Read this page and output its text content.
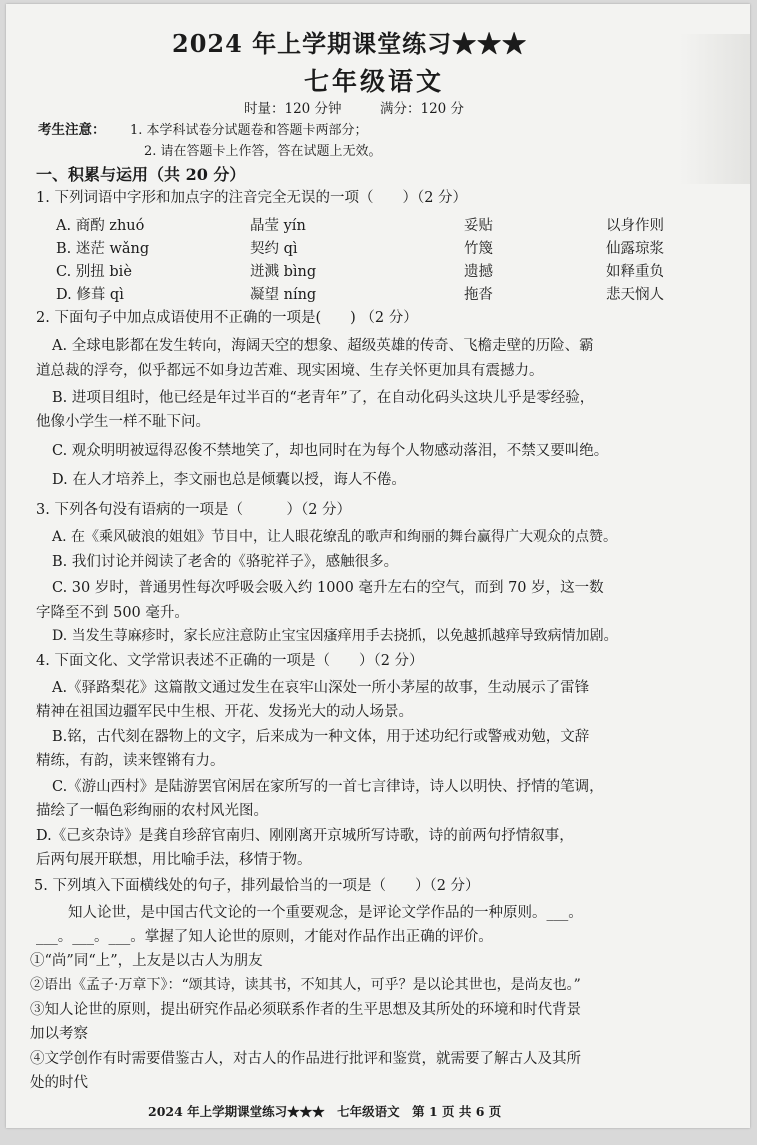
2024 年上学期课堂练习★★★
七年级语文
时量：120 分钟	满分：120 分
考生注意： 1. 本学科试卷分试题卷和答题卡两部分；
2. 请在答题卡上作答，答在试题上无效。
一、积累与运用（共 20 分）
1. 下列词语中字形和加点字的注音完全无误的一项（　　）（2 分）
A. 商酌 zhuó	晶莹 yín	妥贴	以身作则
B. 迷茫 wǎng	契约 qì	竹篾	仙露琼浆
C. 别扭 biè	迸溅 bìng	遗撼	如释重负
D. 修葺 qì	凝望 níng	拖沓	悲天悯人
2. 下面句子中加点成语使用不正确的一项是(　　) （2 分）
A. 全球电影都在发生转向，海阔天空的想象、超级英雄的传奇、飞檐走壁的历险、霸
道总裁的浮夸，似乎都远不如身边苦难、现实困境、生存关怀更加具有震撼力。
B. 进项目组时，他已经是年过半百的“老青年”了，在自动化码头这块儿乎是零经验，
他像小学生一样不耻下问。
C. 观众明明被逗得忍俊不禁地笑了，却也同时在为每个人物感动落泪，不禁又要叫绝。
D. 在人才培养上，李文丽也总是倾囊以授，诲人不倦。
3. 下列各句没有语病的一项是（　　　）（2 分）
A. 在《乘风破浪的姐姐》节目中，让人眼花缭乱的歌声和绚丽的舞台赢得广大观众的点赞。
B. 我们讨论并阅读了老舍的《骆驼祥子》，感触很多。
C. 30 岁时，普通男性每次呼吸会吸入约 1000 毫升左右的空气，而到 70 岁，这一数
字降至不到 500 毫升。
D. 当发生荨麻疹时，家长应注意防止宝宝因瘙痒用手去挠抓，以免越抓越痒导致病情加剧。
4. 下面文化、文学常识表述不正确的一项是（　　）（2 分）
A.《驿路梨花》这篇散文通过发生在哀牢山深处一所小茅屋的故事，生动展示了雷锋
精神在祖国边疆军民中生根、开花、发扬光大的动人场景。
B.铭，古代刻在器物上的文字，后来成为一种文体，用于述功纪行或警戒劝勉，文辞
精练，有韵，读来铿锵有力。
C.《游山西村》是陆游罢官闲居在家所写的一首七言律诗，诗人以明快、抒情的笔调，
描绘了一幅色彩绚丽的农村风光图。
D.《己亥杂诗》是龚自珍辞官南归、刚刚离开京城所写诗歌，诗的前两句抒情叙事，
后两句展开联想，用比喻手法，移情于物。
5. 下列填入下面横线处的句子，排列最恰当的一项是（　　）（2 分）
知人论世，是中国古代文论的一个重要观念，是评论文学作品的一种原则。___。
___。___。___。掌握了知人论世的原则，才能对作品作出正确的评价。
①“尚”同“上”，上友是以古人为朋友
②语出《孟子·万章下》：“颂其诗，读其书，不知其人，可乎？是以论其世也，是尚友也。”
③知人论世的原则，提出研究作品必须联系作者的生平思想及其所处的环境和时代背景
加以考察
④文学创作有时需要借鉴古人，对古人的作品进行批评和鉴赏，就需要了解古人及其所
处的时代
2024 年上学期课堂练习★★★　七年级语文　第 1 页 共 6 页
